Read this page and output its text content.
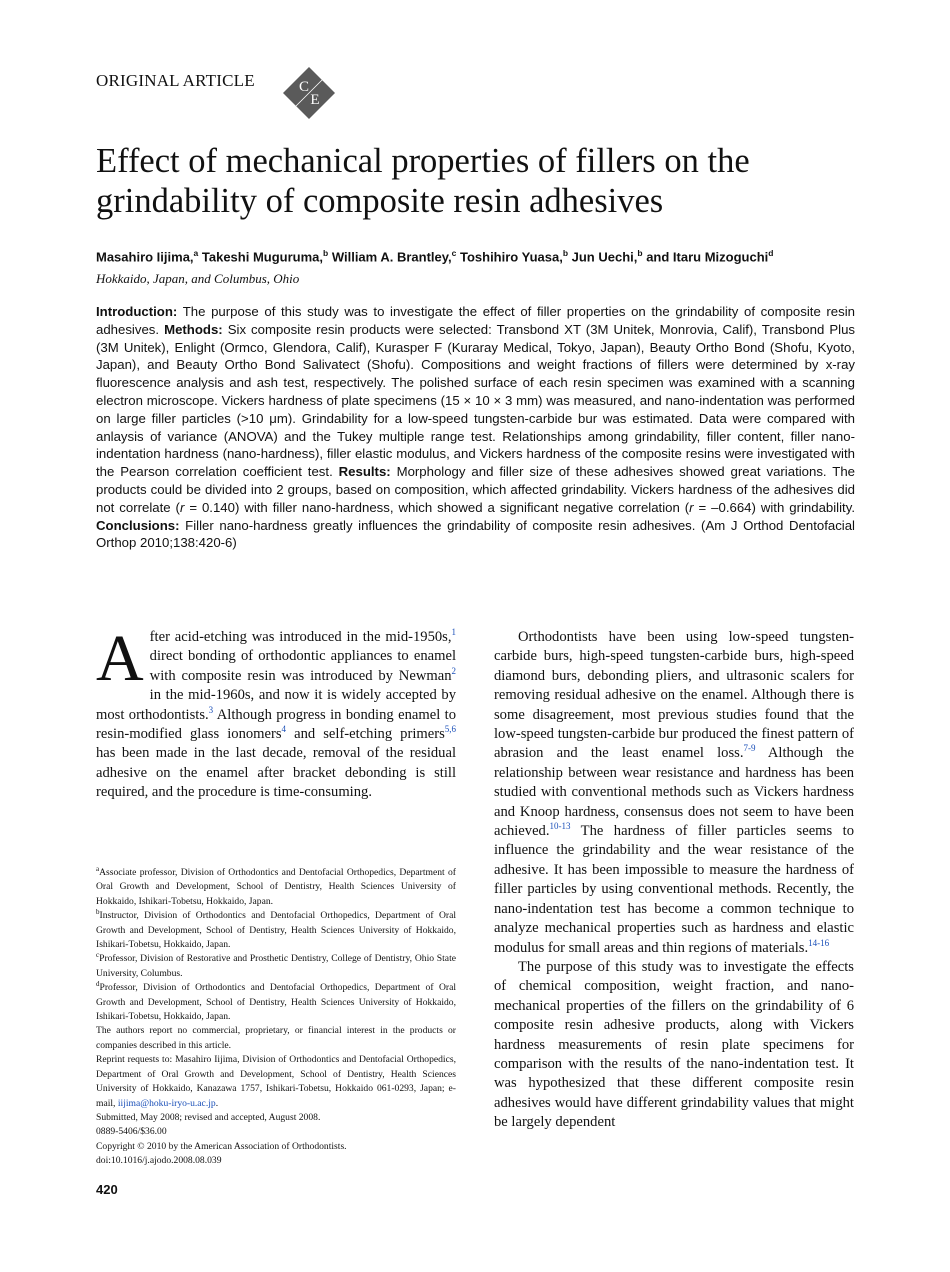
ORIGINAL ARTICLE	C
E
Effect of mechanical properties of fillers on the grindability of composite resin adhesives
Masahiro Iijima,$^a$ Takeshi Muguruma,$^b$ William A. Brantley,$^c$ Toshihiro Yuasa,$^b$ Jun Uechi,$^b$ and Itaru Mizoguchi$^d$
Hokkaido, Japan, and Columbus, Ohio
Introduction: The purpose of this study was to investigate the effect of filler properties on the grindability of composite resin adhesives. Methods: Six composite resin products were selected: Transbond XT (3M Unitek, Monrovia, Calif), Transbond Plus (3M Unitek), Enlight (Ormco, Glendora, Calif), Kurasper F (Kuraray Medical, Tokyo, Japan), Beauty Ortho Bond (Shofu, Kyoto, Japan), and Beauty Ortho Bond Salivatect (Shofu). Compositions and weight fractions of fillers were determined by x-ray fluorescence analysis and ash test, respectively. The polished surface of each resin specimen was examined with a scanning electron microscope. Vickers hardness of plate specimens (15 × 10 × 3 mm) was measured, and nano-indentation was performed on large filler particles (>10 μm). Grindability for a low-speed tungsten-carbide bur was estimated. Data were compared with anlaysis of variance (ANOVA) and the Tukey multiple range test. Relationships among grindability, filler content, filler nano-indentation hardness (nano-hardness), filler elastic modulus, and Vickers hardness of the composite resins were investigated with the Pearson correlation coefficient test. Results: Morphology and filler size of these adhesives showed great variations. The products could be divided into 2 groups, based on composition, which affected grindability. Vickers hardness of the adhesives did not correlate (r = 0.140) with filler nano-hardness, which showed a significant negative correlation (r = –0.664) with grindability. Conclusions: Filler nano-hardness greatly influences the grindability of composite resin adhesives. (Am J Orthod Dentofacial Orthop 2010;138:420-6)

After acid-etching was introduced in the mid-1950s,$^1$ direct bonding of orthodontic appliances to enamel with composite resin was introduced by Newman$^2$ in the mid-1960s, and now it is widely accepted by most orthodontists.$^3$ Although progress in bonding enamel to resin-modified glass ionomers$^4$ and self-etching primers$^{5,6}$ has been made in the last decade, removal of the residual adhesive on the enamel after bracket debonding is still required, and the procedure is time-consuming.

$^a$Associate professor, Division of Orthodontics and Dentofacial Orthopedics, Department of Oral Growth and Development, School of Dentistry, Health Sciences University of Hokkaido, Ishikari-Tobetsu, Hokkaido, Japan.

$^b$Instructor, Division of Orthodontics and Dentofacial Orthopedics, Department of Oral Growth and Development, School of Dentistry, Health Sciences University of Hokkaido, Ishikari-Tobetsu, Hokkaido, Japan.

$^c$Professor, Division of Restorative and Prosthetic Dentistry, College of Dentistry, Ohio State University, Columbus.

$^d$Professor, Division of Orthodontics and Dentofacial Orthopedics, Department of Oral Growth and Development, School of Dentistry, Health Sciences University of Hokkaido, Ishikari-Tobetsu, Hokkaido, Japan.

The authors report no commercial, proprietary, or financial interest in the products or companies described in this article.

Reprint requests to: Masahiro Iijima, Division of Orthodontics and Dentofacial Orthopedics, Department of Oral Growth and Development, School of Dentistry, Health Sciences University of Hokkaido, Kanazawa 1757, Ishikari-Tobetsu, Hokkaido 061-0293, Japan; e-mail, iijima@hoku-iryo-u.ac.jp.

Submitted, May 2008; revised and accepted, August 2008.

0889-5406/$36.00

Copyright © 2010 by the American Association of Orthodontists.

doi:10.1016/j.ajodo.2008.08.039

Orthodontists have been using low-speed tungsten-carbide burs, high-speed tungsten-carbide burs, high-speed diamond burs, debonding pliers, and ultrasonic scalers for removing residual adhesive on the enamel. Although there is some disagreement, most previous studies found that the low-speed tungsten-carbide bur produced the finest pattern of abrasion and the least enamel loss.$^{7-9}$ Although the relationship between wear resistance and hardness has been studied with conventional methods such as Vickers hardness and Knoop hardness, consensus does not seem to have been achieved.$^{10-13}$ The hardness of filler particles seems to influence the grindability and the wear resistance of the adhesive. It has been impossible to measure the hardness of filler particles by using conventional methods. Recently, the nano-indentation test has become a common technique to analyze mechanical properties such as hardness and elastic modulus for small areas and thin regions of materials.$^{14-16}$

The purpose of this study was to investigate the effects of chemical composition, weight fraction, and nano-mechanical properties of the fillers on the grindability of 6 composite resin adhesive products, along with Vickers hardness measurements of resin plate specimens for comparison with the results of the nano-indentation test. It was hypothesized that these different composite resin adhesives would have different grindability values that might be largely dependent

420
